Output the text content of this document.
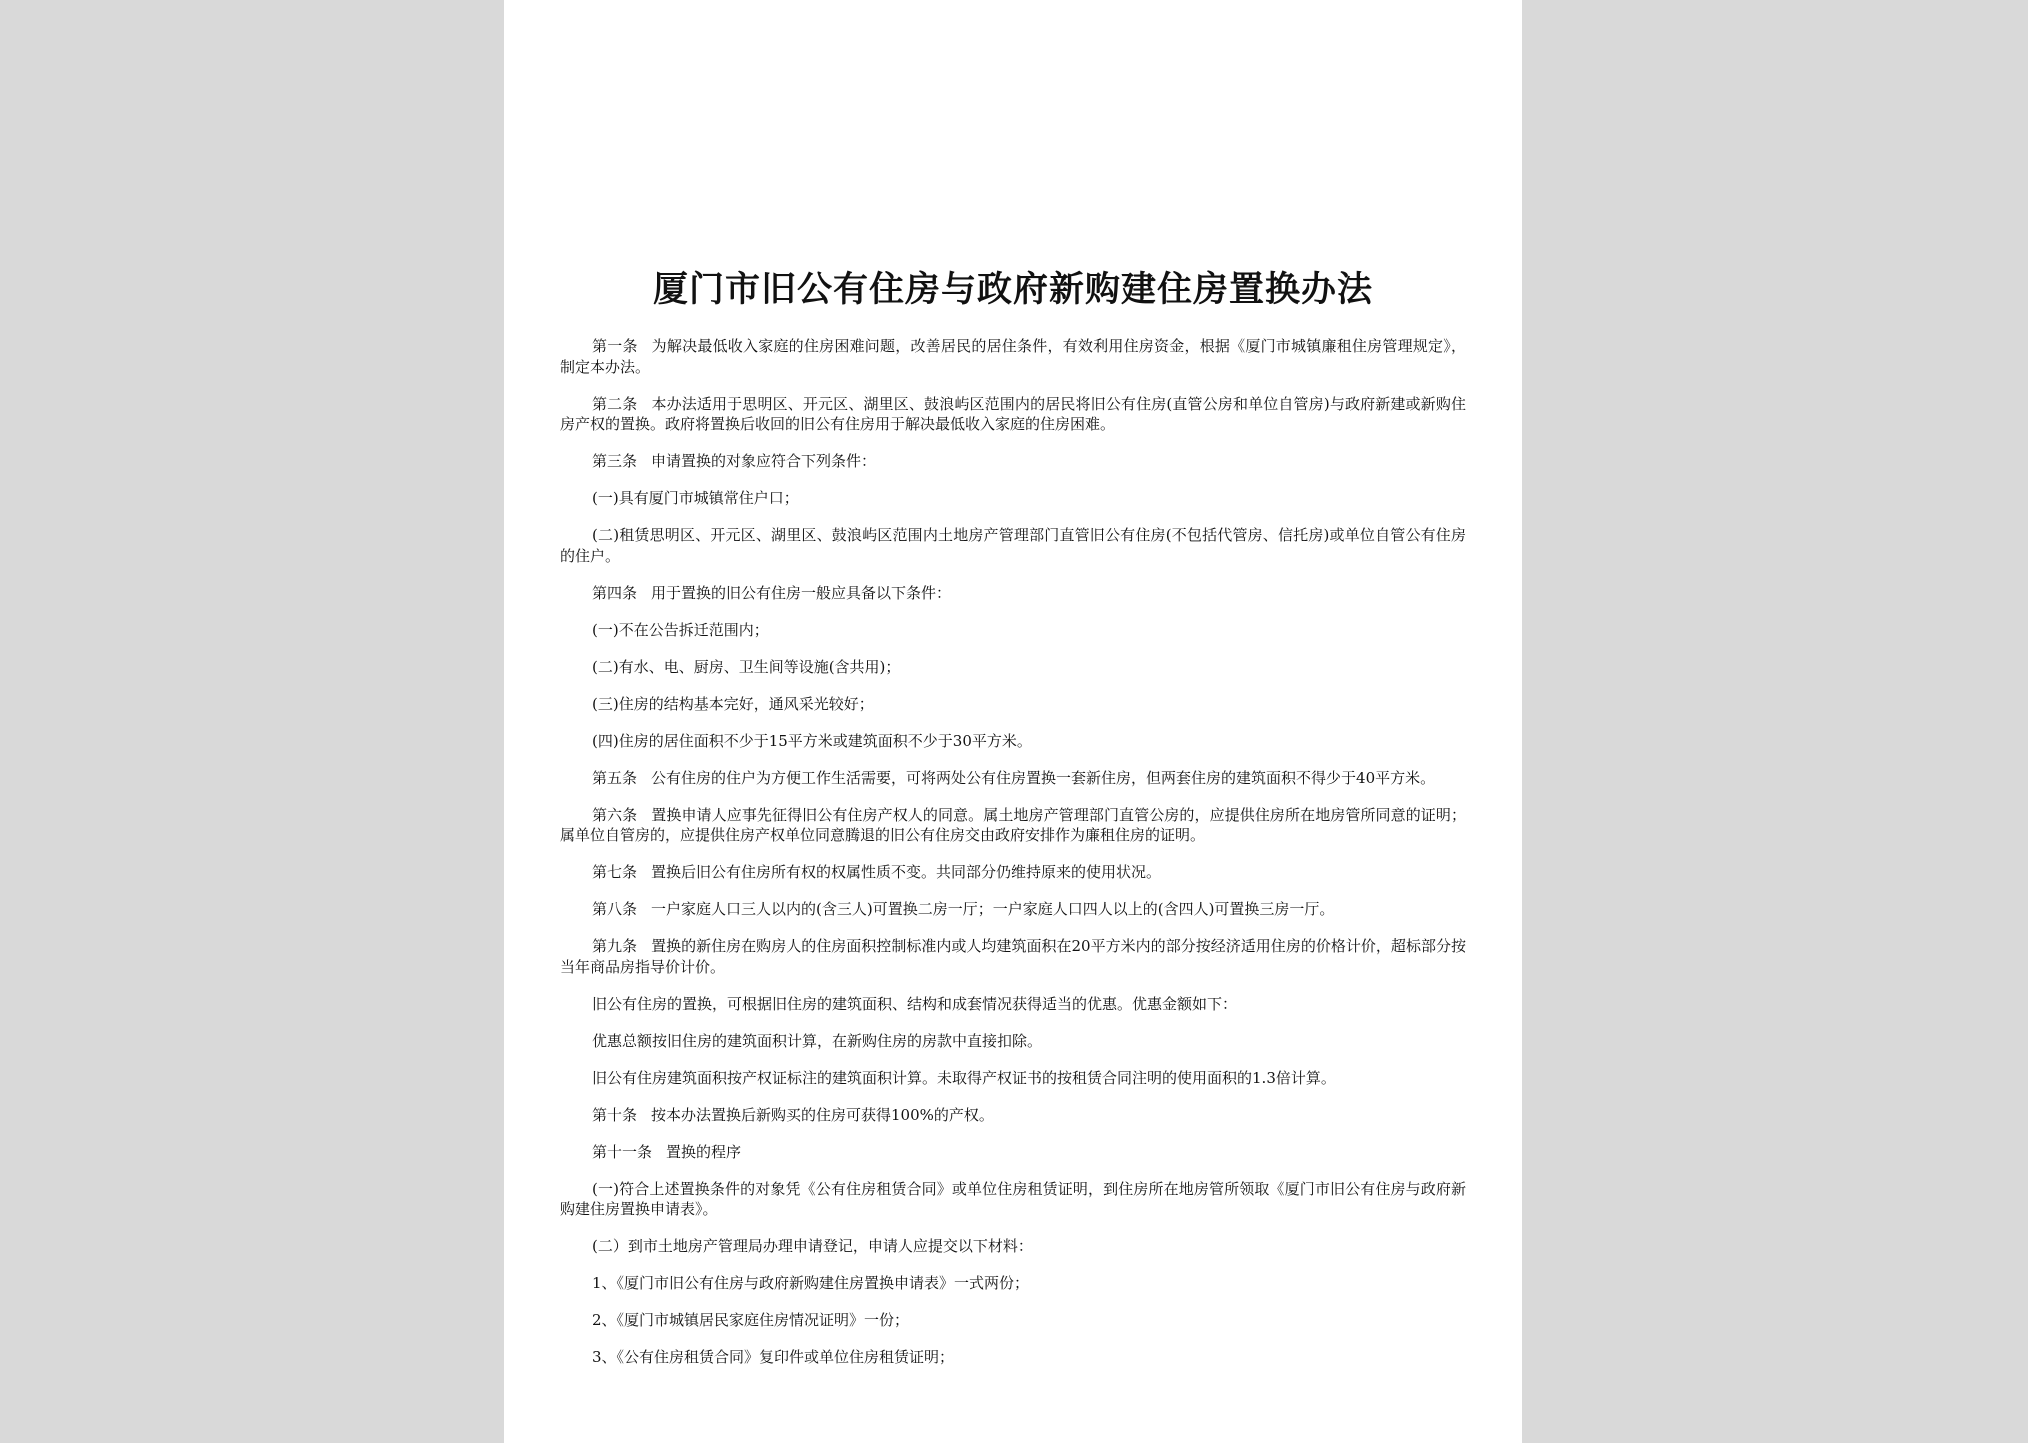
厦门市旧公有住房与政府新购建住房置换办法

第一条 为解决最低收入家庭的住房困难问题，改善居民的居住条件，有效利用住房资金，根据《厦门市城镇廉租住房管理规定》，制定本办法。

第二条 本办法适用于思明区、开元区、湖里区、鼓浪屿区范围内的居民将旧公有住房(直管公房和单位自管房)与政府新建或新购住房产权的置换。政府将置换后收回的旧公有住房用于解决最低收入家庭的住房困难。

第三条 申请置换的对象应符合下列条件：

(一)具有厦门市城镇常住户口；

(二)租赁思明区、开元区、湖里区、鼓浪屿区范围内土地房产管理部门直管旧公有住房(不包括代管房、信托房)或单位自管公有住房的住户。

第四条 用于置换的旧公有住房一般应具备以下条件：

(一)不在公告拆迁范围内；

(二)有水、电、厨房、卫生间等设施(含共用)；

(三)住房的结构基本完好，通风采光较好；

(四)住房的居住面积不少于15平方米或建筑面积不少于30平方米。

第五条 公有住房的住户为方便工作生活需要，可将两处公有住房置换一套新住房，但两套住房的建筑面积不得少于40平方米。

第六条 置换申请人应事先征得旧公有住房产权人的同意。属土地房产管理部门直管公房的，应提供住房所在地房管所同意的证明；属单位自管房的，应提供住房产权单位同意腾退的旧公有住房交由政府安排作为廉租住房的证明。

第七条 置换后旧公有住房所有权的权属性质不变。共同部分仍维持原来的使用状况。

第八条 一户家庭人口三人以内的(含三人)可置换二房一厅；一户家庭人口四人以上的(含四人)可置换三房一厅。

第九条 置换的新住房在购房人的住房面积控制标准内或人均建筑面积在20平方米内的部分按经济适用住房的价格计价，超标部分按当年商品房指导价计价。

旧公有住房的置换，可根据旧住房的建筑面积、结构和成套情况获得适当的优惠。优惠金额如下：

优惠总额按旧住房的建筑面积计算，在新购住房的房款中直接扣除。

旧公有住房建筑面积按产权证标注的建筑面积计算。未取得产权证书的按租赁合同注明的使用面积的1.3倍计算。

第十条 按本办法置换后新购买的住房可获得100%的产权。

第十一条 置换的程序

(一)符合上述置换条件的对象凭《公有住房租赁合同》或单位住房租赁证明，到住房所在地房管所领取《厦门市旧公有住房与政府新购建住房置换申请表》。

(二）到市土地房产管理局办理申请登记，申请人应提交以下材料：

1、《厦门市旧公有住房与政府新购建住房置换申请表》一式两份；

2、《厦门市城镇居民家庭住房情况证明》一份；

3、《公有住房租赁合同》复印件或单位住房租赁证明；
